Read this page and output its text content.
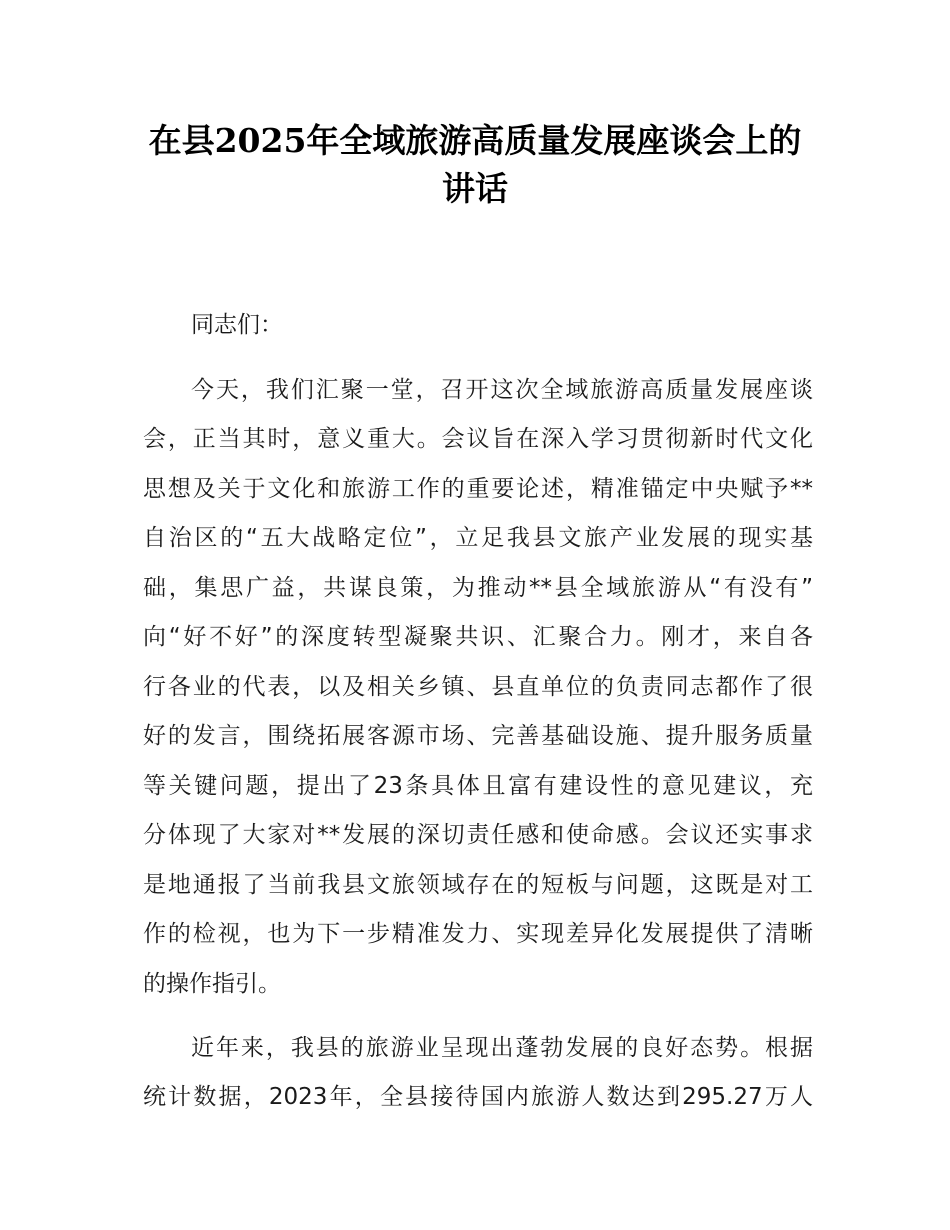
在县2025年全域旅游高质量发展座谈会上的
讲话
同志们：
今天，我们汇聚一堂，召开这次全域旅游高质量发展座谈
会，正当其时，意义重大。会议旨在深入学习贯彻新时代文化
思想及关于文化和旅游工作的重要论述，精准锚定中央赋予**
自治区的“五大战略定位”，立足我县文旅产业发展的现实基
础，集思广益，共谋良策，为推动**县全域旅游从“有没有”
向“好不好”的深度转型凝聚共识、汇聚合力。刚才，来自各
行各业的代表，以及相关乡镇、县直单位的负责同志都作了很
好的发言，围绕拓展客源市场、完善基础设施、提升服务质量
等关键问题，提出了23条具体且富有建设性的意见建议，充
分体现了大家对**发展的深切责任感和使命感。会议还实事求
是地通报了当前我县文旅领域存在的短板与问题，这既是对工
作的检视，也为下一步精准发力、实现差异化发展提供了清晰
的操作指引。
近年来，我县的旅游业呈现出蓬勃发展的良好态势。根据
统计数据，2023年，全县接待国内旅游人数达到295.27万人
